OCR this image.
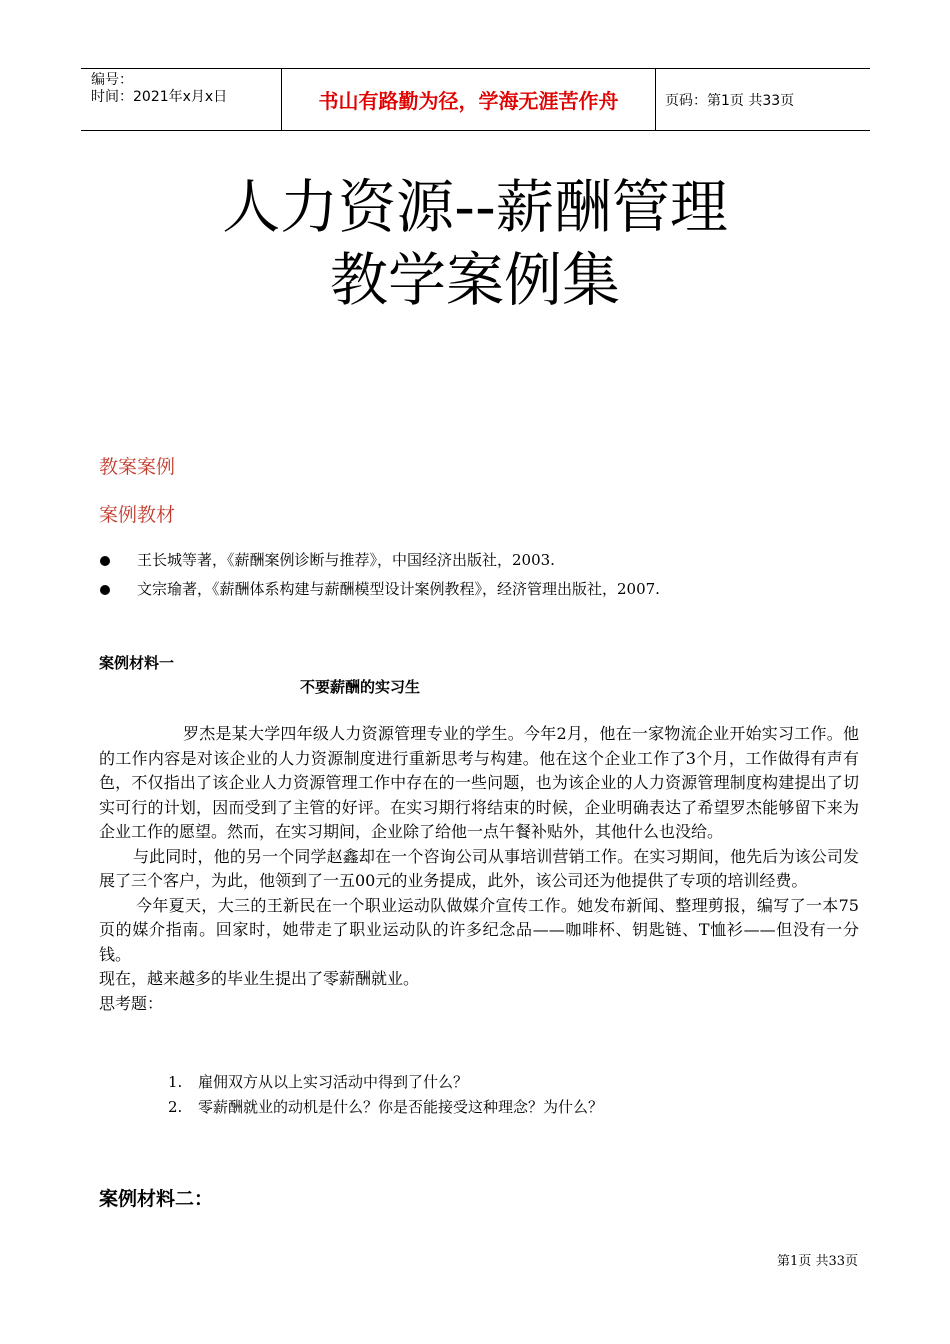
编号：
时间：2021年x月x日	书山有路勤为径，学海无涯苦作舟	页码：第1页 共33页
人力资源--薪酬管理
教学案例集
教案案例
案例教材
王长城等著，《薪酬案例诊断与推荐》，中国经济出版社，2003.
文宗瑜著，《薪酬体系构建与薪酬模型设计案例教程》，经济管理出版社，2007.
案例材料一
不要薪酬的实习生

罗杰是某大学四年级人力资源管理专业的学生。今年2月，他在一家物流企业开始实习工作。他的工作内容是对该企业的人力资源制度进行重新思考与构建。他在这个企业工作了3个月，工作做得有声有色，不仅指出了该企业人力资源管理工作中存在的一些问题，也为该企业的人力资源管理制度构建提出了切实可行的计划，因而受到了主管的好评。在实习期行将结束的时候，企业明确表达了希望罗杰能够留下来为企业工作的愿望。然而，在实习期间，企业除了给他一点午餐补贴外，其他什么也没给。

与此同时，他的另一个同学赵鑫却在一个咨询公司从事培训营销工作。在实习期间，他先后为该公司发展了三个客户，为此，他领到了一五00元的业务提成，此外，该公司还为他提供了专项的培训经费。

今年夏天，大三的王新民在一个职业运动队做媒介宣传工作。她发布新闻、整理剪报，编写了一本75页的媒介指南。回家时，她带走了职业运动队的许多纪念品——咖啡杯、钥匙链、T恤衫——但没有一分钱。

现在，越来越多的毕业生提出了零薪酬就业。

思考题：

1. 雇佣双方从以上实习活动中得到了什么？
2. 零薪酬就业的动机是什么？你是否能接受这种理念？为什么？
案例材料二：
第1页 共33页
